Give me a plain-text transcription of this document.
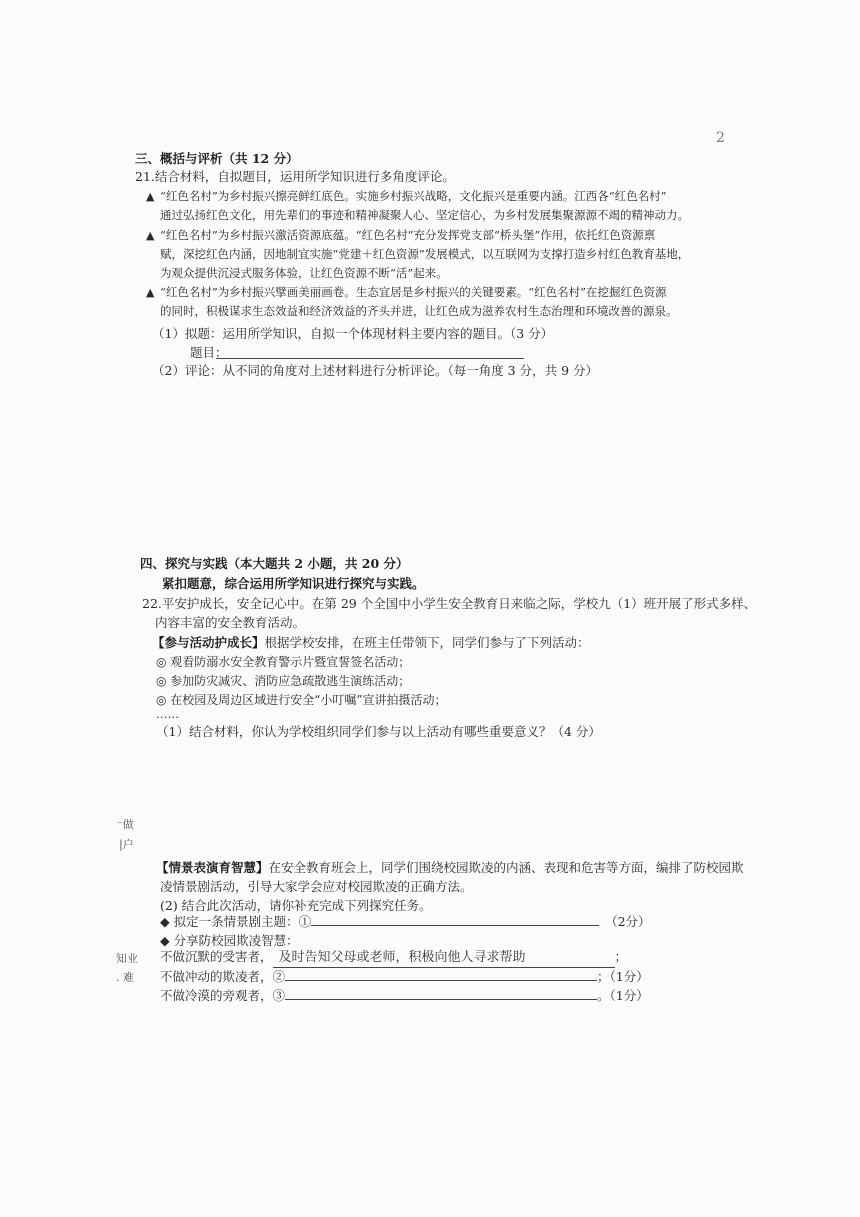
2
三、概括与评析（共 12 分）
21.结合材料，自拟题目，运用所学知识进行多角度评论。
▲ “红色名村”为乡村振兴擦亮鲜红底色。实施乡村振兴战略，文化振兴是重要内涵。江西各“红色名村”
通过弘扬红色文化，用先辈们的事迹和精神凝聚人心、坚定信心，为乡村发展集聚源源不竭的精神动力。
▲ “红色名村”为乡村振兴激活资源底蕴。“红色名村”充分发挥党支部“桥头堡”作用，依托红色资源禀
赋，深挖红色内涵，因地制宜实施“党建＋红色资源”发展模式，以互联网为支撑打造乡村红色教育基地，
为观众提供沉浸式服务体验，让红色资源不断“活”起来。
▲ “红色名村”为乡村振兴擘画美丽画卷。生态宜居是乡村振兴的关键要素。“红色名村”在挖掘红色资源
的同时，积极谋求生态效益和经济效益的齐头并进，让红色成为滋养农村生态治理和环境改善的源泉。
（1）拟题：运用所学知识，自拟一个体现材料主要内容的题目。（3 分）
题目：
（2）评论：从不同的角度对上述材料进行分析评论。（每一角度 3 分，共 9 分）
四、探究与实践（本大题共 2 小题，共 20 分）
紧扣题意，综合运用所学知识进行探究与实践。
22.平安护成长，安全记心中。在第 29 个全国中小学生安全教育日来临之际，学校九（1）班开展了形式多样、
内容丰富的安全教育活动。
【参与活动护成长】根据学校安排，在班主任带领下，同学们参与了下列活动：
◎ 观看防溺水安全教育警示片暨宣誓签名活动；
◎ 参加防灾减灾、消防应急疏散逃生演练活动；
◎ 在校园及周边区域进行安全“小叮嘱”宣讲拍摄活动；
……
（1）结合材料，你认为学校组织同学们参与以上活动有哪些重要意义？（4 分）
⁻做
|户
【情景表演育智慧】在安全教育班会上，同学们围绕校园欺凌的内涵、表现和危害等方面，编排了防校园欺
凌情景剧活动，引导大家学会应对校园欺凌的正确方法。
(2) 结合此次活动，请你补充完成下列探究任务。
◆ 拟定一条情景剧主题：①	（2分）
◆ 分享防校园欺凌智慧：
知业
. 难
不做沉默的受害者， 及时告知父母或老师，积极向他人寻求帮助	；
不做冲动的欺凌者，②	；（1分）
不做冷漠的旁观者，③	。（1分）
